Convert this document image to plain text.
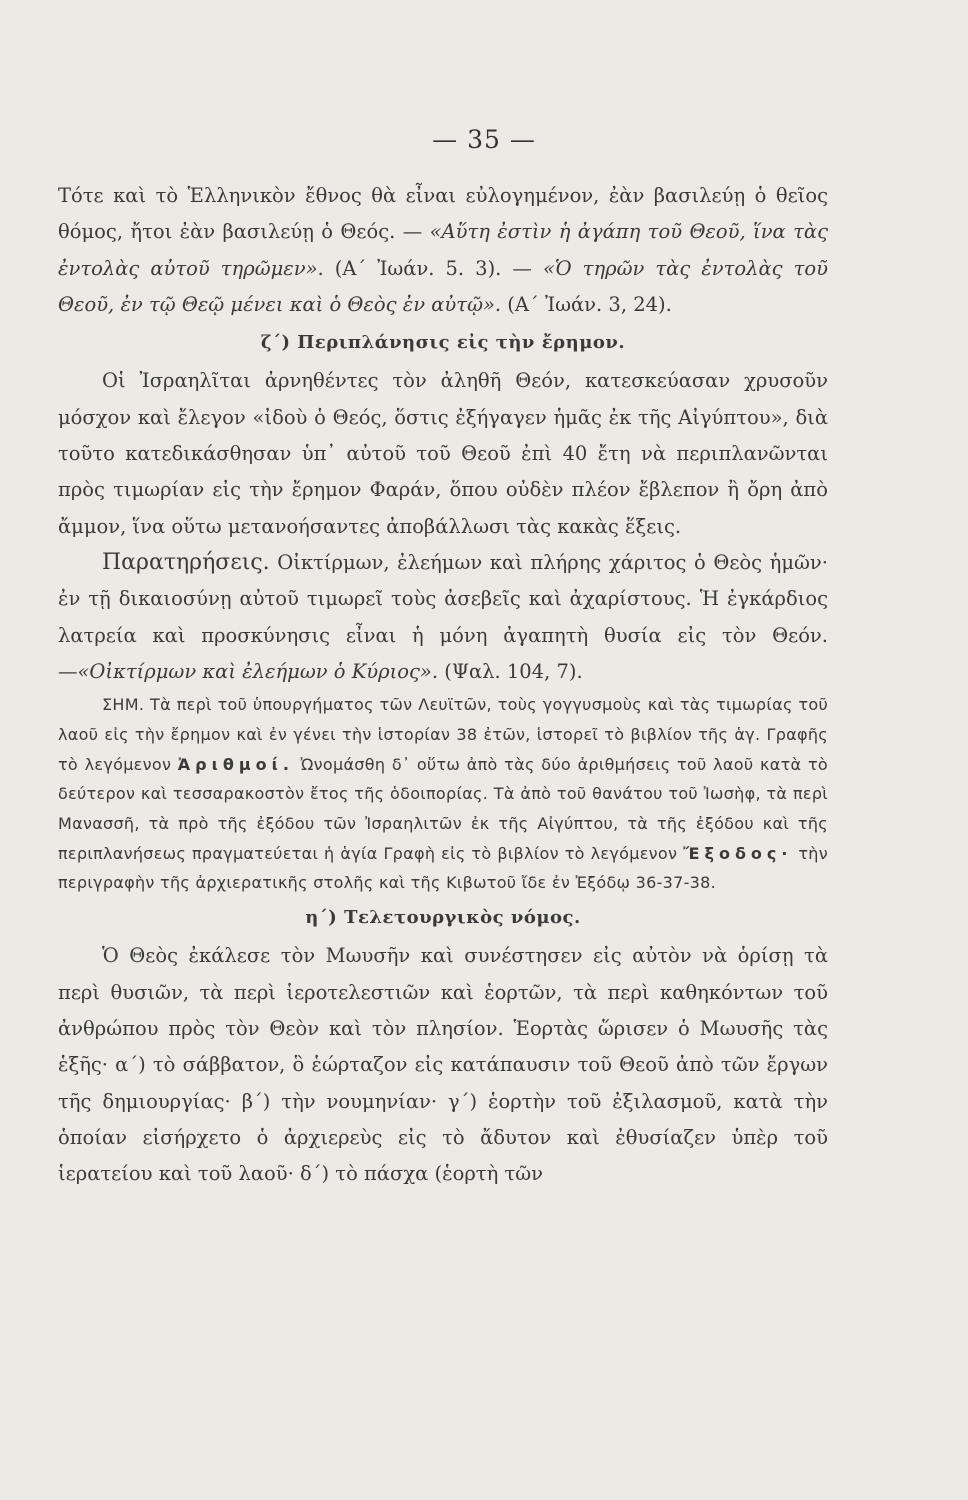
— 35 —

Τότε καὶ τὸ Ἑλληνικὸν ἔθνος θὰ εἶναι εὐλογημένον, ἐὰν βασιλεύῃ ὁ θεῖος θόμος, ἤτοι ἐὰν βασιλεύῃ ὁ Θεός. — «Αὕτη ἐστὶν ἡ ἀγάπη τοῦ Θεοῦ, ἵνα τὰς ἐντολὰς αὐτοῦ τηρῶμεν». (Α΄ Ἰωάν. 5. 3). — «Ὁ τηρῶν τὰς ἐντολὰς τοῦ Θεοῦ, ἐν τῷ Θεῷ μένει καὶ ὁ Θεὸς ἐν αὐτῷ». (Α΄ Ἰωάν. 3, 24).

ζ΄) Περιπλάνησις εἰς τὴν ἔρημον.

Οἱ Ἰσραηλῖται ἀρνηθέντες τὸν ἀληθῆ Θεόν, κατεσκεύασαν χρυσοῦν μόσχον καὶ ἔλεγον «ἰδοὺ ὁ Θεός, ὅστις ἐξήγαγεν ἡμᾶς ἐκ τῆς Αἰγύπτου», διὰ τοῦτο κατεδικάσθησαν ὑπ᾿ αὐτοῦ τοῦ Θεοῦ ἐπὶ 40 ἔτη νὰ περιπλανῶνται πρὸς τιμωρίαν εἰς τὴν ἔρημον Φαράν, ὅπου οὐδὲν πλέον ἔβλεπον ἢ ὄρη ἀπὸ ἄμμον, ἵνα οὕτω μετανοήσαντες ἀποβάλλωσι τὰς κακὰς ἕξεις.

Παρατηρήσεις. Οἰκτίρμων, ἐλεήμων καὶ πλήρης χάριτος ὁ Θεὸς ἡμῶν· ἐν τῇ δικαιοσύνῃ αὐτοῦ τιμωρεῖ τοὺς ἀσεβεῖς καὶ ἀχαρίστους. Ἡ ἐγκάρδιος λατρεία καὶ προσκύνησις εἶναι ἡ μόνη ἀγαπητὴ θυσία εἰς τὸν Θεόν.—«Οἰκτίρμων καὶ ἐλεήμων ὁ Κύριος». (Ψαλ. 104, 7).

ΣΗΜ. Τὰ περὶ τοῦ ὑπουργήματος τῶν Λευϊτῶν, τοὺς γογγυσμοὺς καὶ τὰς τιμωρίας τοῦ λαοῦ εἰς τὴν ἔρημον καὶ ἐν γένει τὴν ἱστορίαν 38 ἐτῶν, ἱστορεῖ τὸ βιβλίον τῆς ἁγ. Γραφῆς τὸ λεγόμενον Ἀριθμοί. Ὠνομάσθη δ᾿ οὕτω ἀπὸ τὰς δύο ἀριθμήσεις τοῦ λαοῦ κατὰ τὸ δεύτερον καὶ τεσσαρακοστὸν ἔτος τῆς ὁδοιπορίας. Τὰ ἀπὸ τοῦ θανάτου τοῦ Ἰωσὴφ, τὰ περὶ Μανασσῆ, τὰ πρὸ τῆς ἐξόδου τῶν Ἰσραηλιτῶν ἐκ τῆς Αἰγύπτου, τὰ τῆς ἐξόδου καὶ τῆς περιπλανήσεως πραγματεύεται ἡ ἁγία Γραφὴ εἰς τὸ βιβλίον τὸ λεγόμενον Ἔξοδος· τὴν περιγραφὴν τῆς ἀρχιερατικῆς στολῆς καὶ τῆς Κιβωτοῦ ἴδε ἐν Ἐξόδῳ 36-37-38.

η΄) Τελετουργικὸς νόμος.

Ὁ Θεὸς ἐκάλεσε τὸν Μωυσῆν καὶ συνέστησεν εἰς αὐτὸν νὰ ὁρίσῃ τὰ περὶ θυσιῶν, τὰ περὶ ἱεροτελεστιῶν καὶ ἑορτῶν, τὰ περὶ καθηκόντων τοῦ ἀνθρώπου πρὸς τὸν Θεὸν καὶ τὸν πλησίον. Ἑορτὰς ὥρισεν ὁ Μωυσῆς τὰς ἑξῆς· α΄) τὸ σάββατον, ὃ ἑώρταζον εἰς κατάπαυσιν τοῦ Θεοῦ ἀπὸ τῶν ἔργων τῆς δημιουργίας· β΄) τὴν νουμηνίαν· γ΄) ἑορτὴν τοῦ ἐξιλασμοῦ, κατὰ τὴν ὁποίαν εἰσήρχετο ὁ ἀρχιερεὺς εἰς τὸ ἄδυτον καὶ ἐθυσίαζεν ὑπὲρ τοῦ ἱερατείου καὶ τοῦ λαοῦ· δ΄) τὸ πάσχα (ἑορτὴ τῶν
